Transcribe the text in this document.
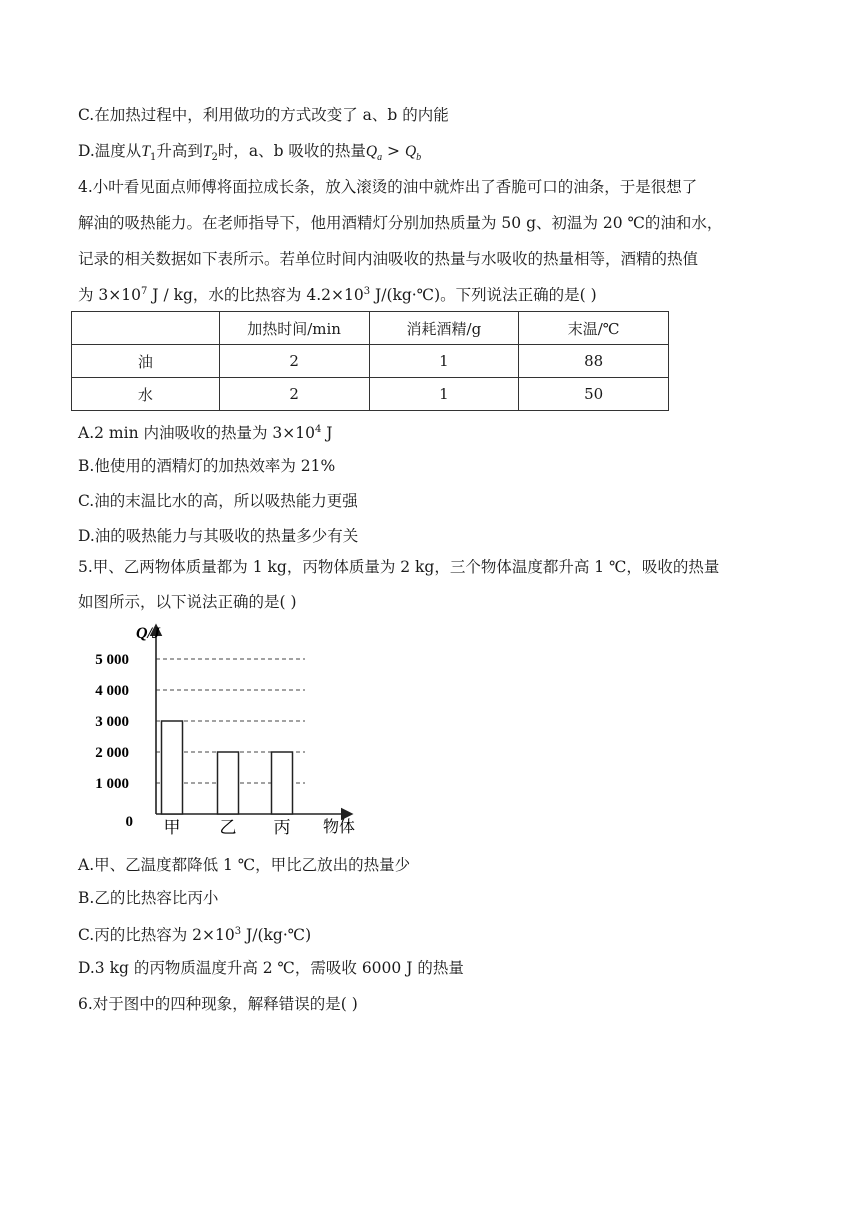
C.在加热过程中，利用做功的方式改变了 a、b 的内能
D.温度从$T_1$升高到$T_2$时，a、b 吸收的热量$Q_a > Q_b$
4.小叶看见面点师傅将面拉成长条，放入滚烫的油中就炸出了香脆可口的油条，于是很想了
解油的吸热能力。在老师指导下，他用酒精灯分别加热质量为 50 g、初温为 20 ℃的油和水，
记录的相关数据如下表所示。若单位时间内油吸收的热量与水吸收的热量相等，酒精的热值
为 $3\times 10^7$ J / kg，水的比热容为 $4.2\times 10^3$ J/(kg·℃)。下列说法正确的是( )
	加热时间/min	消耗酒精/g	末温/℃
油	2	1	88
水	2	1	50
A.2 min 内油吸收的热量为 $3\times 10^4$ J
B.他使用的酒精灯的加热效率为 21%
C.油的末温比水的高，所以吸热能力更强
D.油的吸热能力与其吸收的热量多少有关
5.甲、乙两物体质量都为 1 kg，丙物体质量为 2 kg，三个物体温度都升高 1 ℃，吸收的热量
如图所示，以下说法正确的是( )
0
1 000
2 000
3 000
4 000
5 000
甲 乙 丙
Q/J
物体
A.甲、乙温度都降低 1 ℃，甲比乙放出的热量少
B.乙的比热容比丙小
C.丙的比热容为 $2\times 10^3$ J/(kg·℃)
D.3 kg 的丙物质温度升高 2 ℃，需吸收 6000 J 的热量
6.对于图中的四种现象，解释错误的是( )
